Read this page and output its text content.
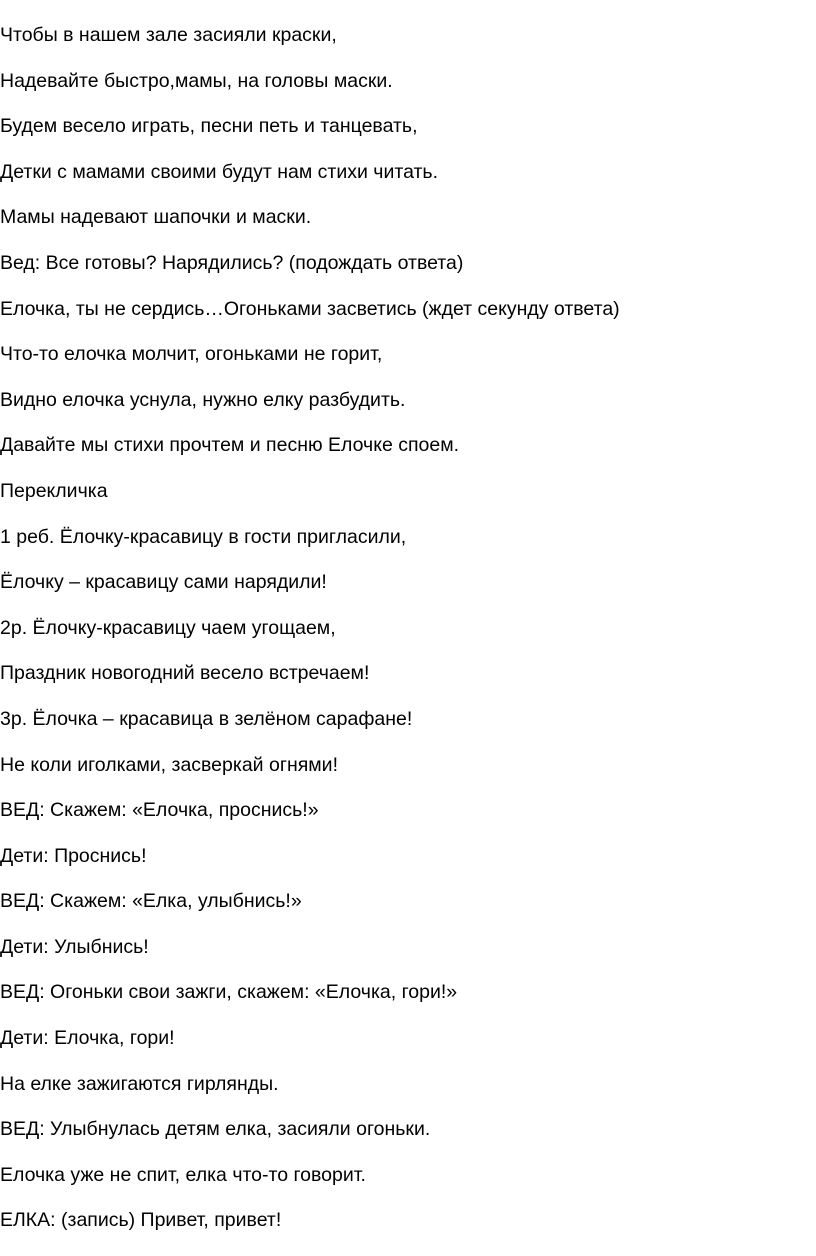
Чтобы в нашем зале засияли краски,

Надевайте быстро,мамы, на головы маски.

Будем весело играть, песни петь и танцевать,

Детки с мамами своими будут нам стихи читать.

Мамы надевают шапочки и маски.

Вед: Все готовы? Нарядились? (подождать ответа)

Елочка, ты не сердись…Огоньками засветись (ждет секунду ответа)

Что-то елочка молчит, огоньками не горит,

Видно елочка уснула, нужно елку разбудить.

Давайте мы стихи прочтем и песню Елочке споем.

Перекличка

1 реб. Ёлочку-красавицу в гости пригласили,

Ёлочку – красавицу сами нарядили!

2р. Ёлочку-красавицу чаем угощаем,

Праздник новогодний весело встречаем!

3р. Ёлочка – красавица в зелёном сарафане!

Не коли иголками, засверкай огнями!

ВЕД: Скажем: «Елочка, проснись!»

Дети: Проснись!

ВЕД: Скажем: «Елка, улыбнись!»

Дети: Улыбнись!

ВЕД: Огоньки свои зажги, скажем: «Елочка, гори!»

Дети: Елочка, гори!

На елке зажигаются гирлянды.

ВЕД: Улыбнулась детям елка, засияли огоньки.

Елочка уже не спит, елка что-то говорит.

ЕЛКА: (запись) Привет, привет!
